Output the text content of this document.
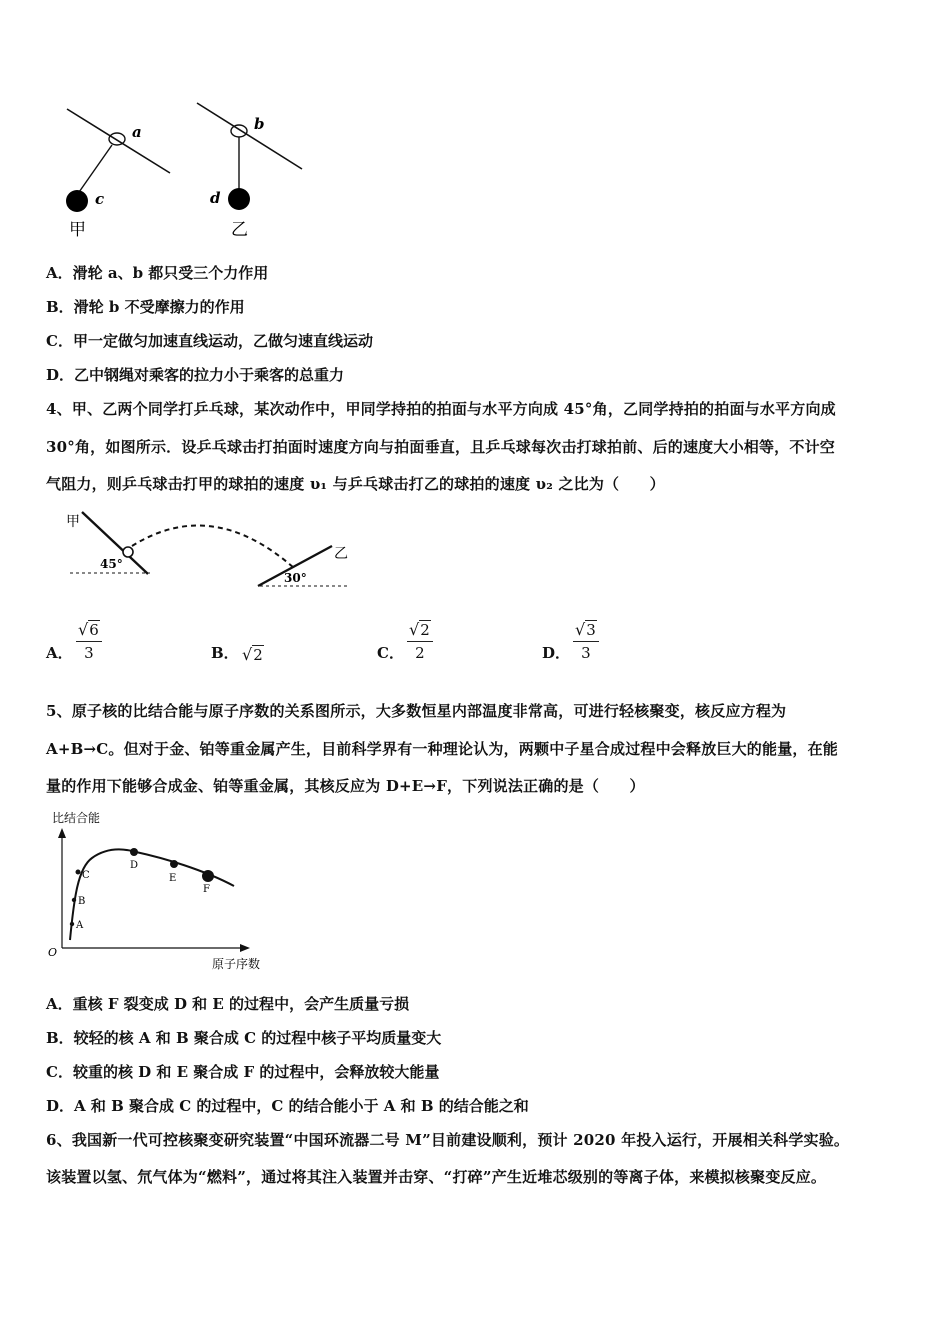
a
c
甲
b
d
乙
A．滑轮 a、b 都只受三个力作用
B．滑轮 b 不受摩擦力的作用
C．甲一定做匀加速直线运动，乙做匀速直线运动
D．乙中钢绳对乘客的拉力小于乘客的总重力
4、甲、乙两个同学打乒乓球，某次动作中，甲同学持拍的拍面与水平方向成 45°角，乙同学持拍的拍面与水平方向成
30°角，如图所示．设乒乓球击打拍面时速度方向与拍面垂直，且乒乓球每次击打球拍前、后的速度大小相等，不计空
气阻力，则乒乓球击打甲的球拍的速度 υ₁ 与乒乓球击打乙的球拍的速度 υ₂ 之比为（　　）
甲
45°
30°
乙
A．
√6
3	B． √2	C．
√2
2	D．
√3
3
5、原子核的比结合能与原子序数的关系图所示，大多数恒星内部温度非常高，可进行轻核聚变，核反应方程为
A+B→C。但对于金、铂等重金属产生，目前科学界有一种理论认为，两颗中子星合成过程中会释放巨大的能量，在能
量的作用下能够合成金、铂等重金属，其核反应为 D+E→F，下列说法正确的是（　　）
比结合能
O
原子序数
A
B
C
D
E
F
A．重核 F 裂变成 D 和 E 的过程中，会产生质量亏损
B．较轻的核 A 和 B 聚合成 C 的过程中核子平均质量变大
C．较重的核 D 和 E 聚合成 F 的过程中，会释放较大能量
D．A 和 B 聚合成 C 的过程中，C 的结合能小于 A 和 B 的结合能之和
6、我国新一代可控核聚变研究装置“中国环流器二号 M”目前建设顺利，预计 2020 年投入运行，开展相关科学实验。
该装置以氢、氘气体为“燃料”，通过将其注入装置并击穿、“打碎”产生近堆芯级别的等离子体，来模拟核聚变反应。
